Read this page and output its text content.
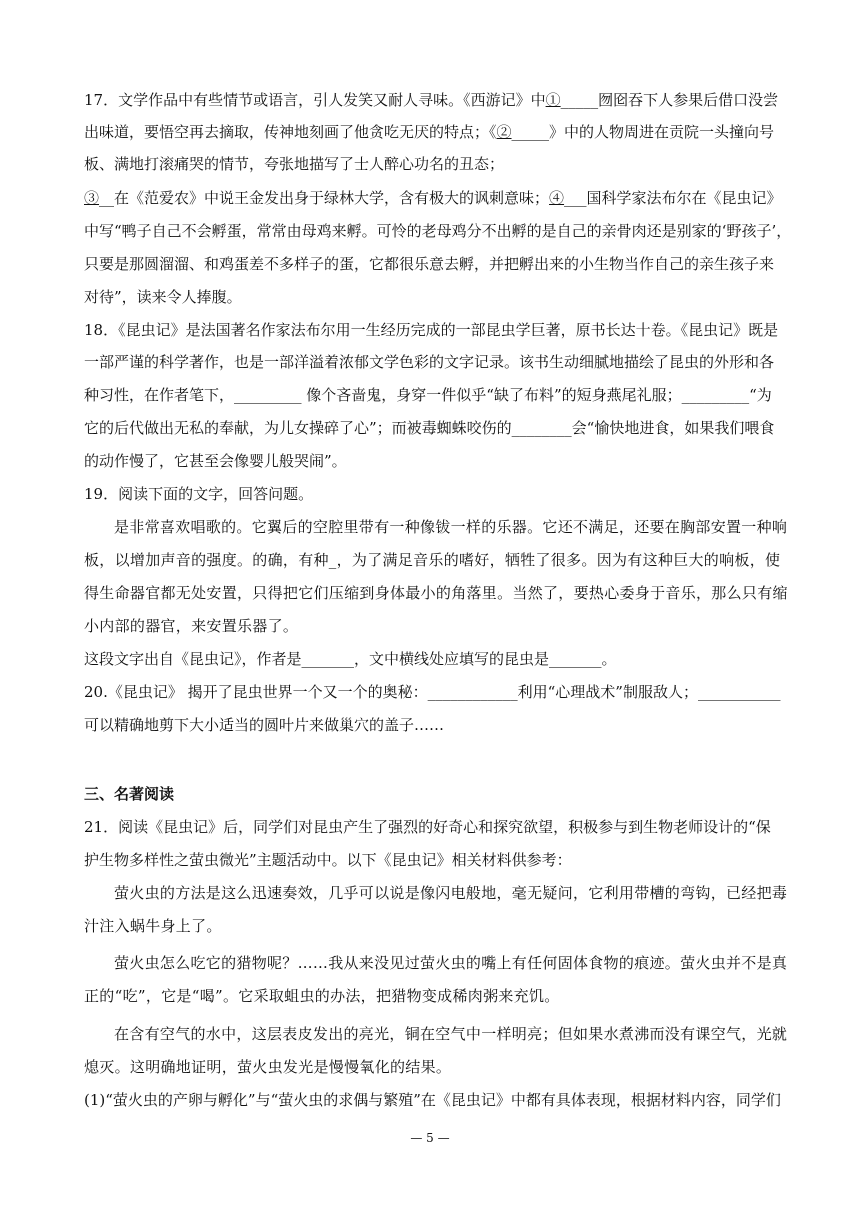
17．文学作品中有些情节或语言，引人发笑又耐人寻味。《西游记》中①_____囫囵吞下人参果后借口没尝
出味道，要悟空再去摘取，传神地刻画了他贪吃无厌的特点；《②_____》中的人物周进在贡院一头撞向号
板、满地打滚痛哭的情节，夸张地描写了士人醉心功名的丑态；
③__在《范爱农》中说王金发出身于绿林大学，含有极大的讽刺意味；④___国科学家法布尔在《昆虫记》
中写“鸭子自己不会孵蛋，常常由母鸡来孵。可怜的老母鸡分不出孵的是自己的亲骨肉还是别家的‘野孩子’，
只要是那圆溜溜、和鸡蛋差不多样子的蛋，它都很乐意去孵，并把孵出来的小生物当作自己的亲生孩子来
对待”，读来令人捧腹。
18．《昆虫记》是法国著名作家法布尔用一生经历完成的一部昆虫学巨著，原书长达十卷。《昆虫记》既是
一部严谨的科学著作，也是一部洋溢着浓郁文学色彩的文字记录。该书生动细腻地描绘了昆虫的外形和各
种习性，在作者笔下，_________ 像个吝啬鬼，身穿一件似乎“缺了布料”的短身燕尾礼服；_________“为
它的后代做出无私的奉献，为儿女操碎了心”；而被毒蜘蛛咬伤的________会“愉快地进食，如果我们喂食
的动作慢了，它甚至会像婴儿般哭闹”。
19．阅读下面的文字，回答问题。
是非常喜欢唱歌的。它翼后的空腔里带有一种像钹一样的乐器。它还不满足，还要在胸部安置一种响
板，以增加声音的强度。的确，有种_，为了满足音乐的嗜好，牺牲了很多。因为有这种巨大的响板，使
得生命器官都无处安置，只得把它们压缩到身体最小的角落里。当然了，要热心委身于音乐，那么只有缩
小内部的器官，来安置乐器了。
这段文字出自《昆虫记》，作者是_______，文中横线处应填写的昆虫是_______。
20.《昆虫记》 揭开了昆虫世界一个又一个的奥秘：____________利用“心理战术”制服敌人；___________
可以精确地剪下大小适当的圆叶片来做巢穴的盖子……
三、名著阅读
21．阅读《昆虫记》后，同学们对昆虫产生了强烈的好奇心和探究欲望，积极参与到生物老师设计的“保
护生物多样性之萤虫微光”主题活动中。以下《昆虫记》相关材料供参考：
萤火虫的方法是这么迅速奏效，几乎可以说是像闪电般地，毫无疑问，它利用带槽的弯钩，已经把毒
汁注入蜗牛身上了。
萤火虫怎么吃它的猎物呢？……我从来没见过萤火虫的嘴上有任何固体食物的痕迹。萤火虫并不是真
正的“吃”，它是“喝”。它采取蛆虫的办法，把猎物变成稀肉粥来充饥。
在含有空气的水中，这层表皮发出的亮光，铜在空气中一样明亮；但如果水煮沸而没有课空气，光就
熄灭。这明确地证明，萤火虫发光是慢慢氧化的结果。
(1)“萤火虫的产卵与孵化”与“萤火虫的求偶与繁殖”在《昆虫记》中都有具体表现，根据材料内容，同学们
— 5 —
